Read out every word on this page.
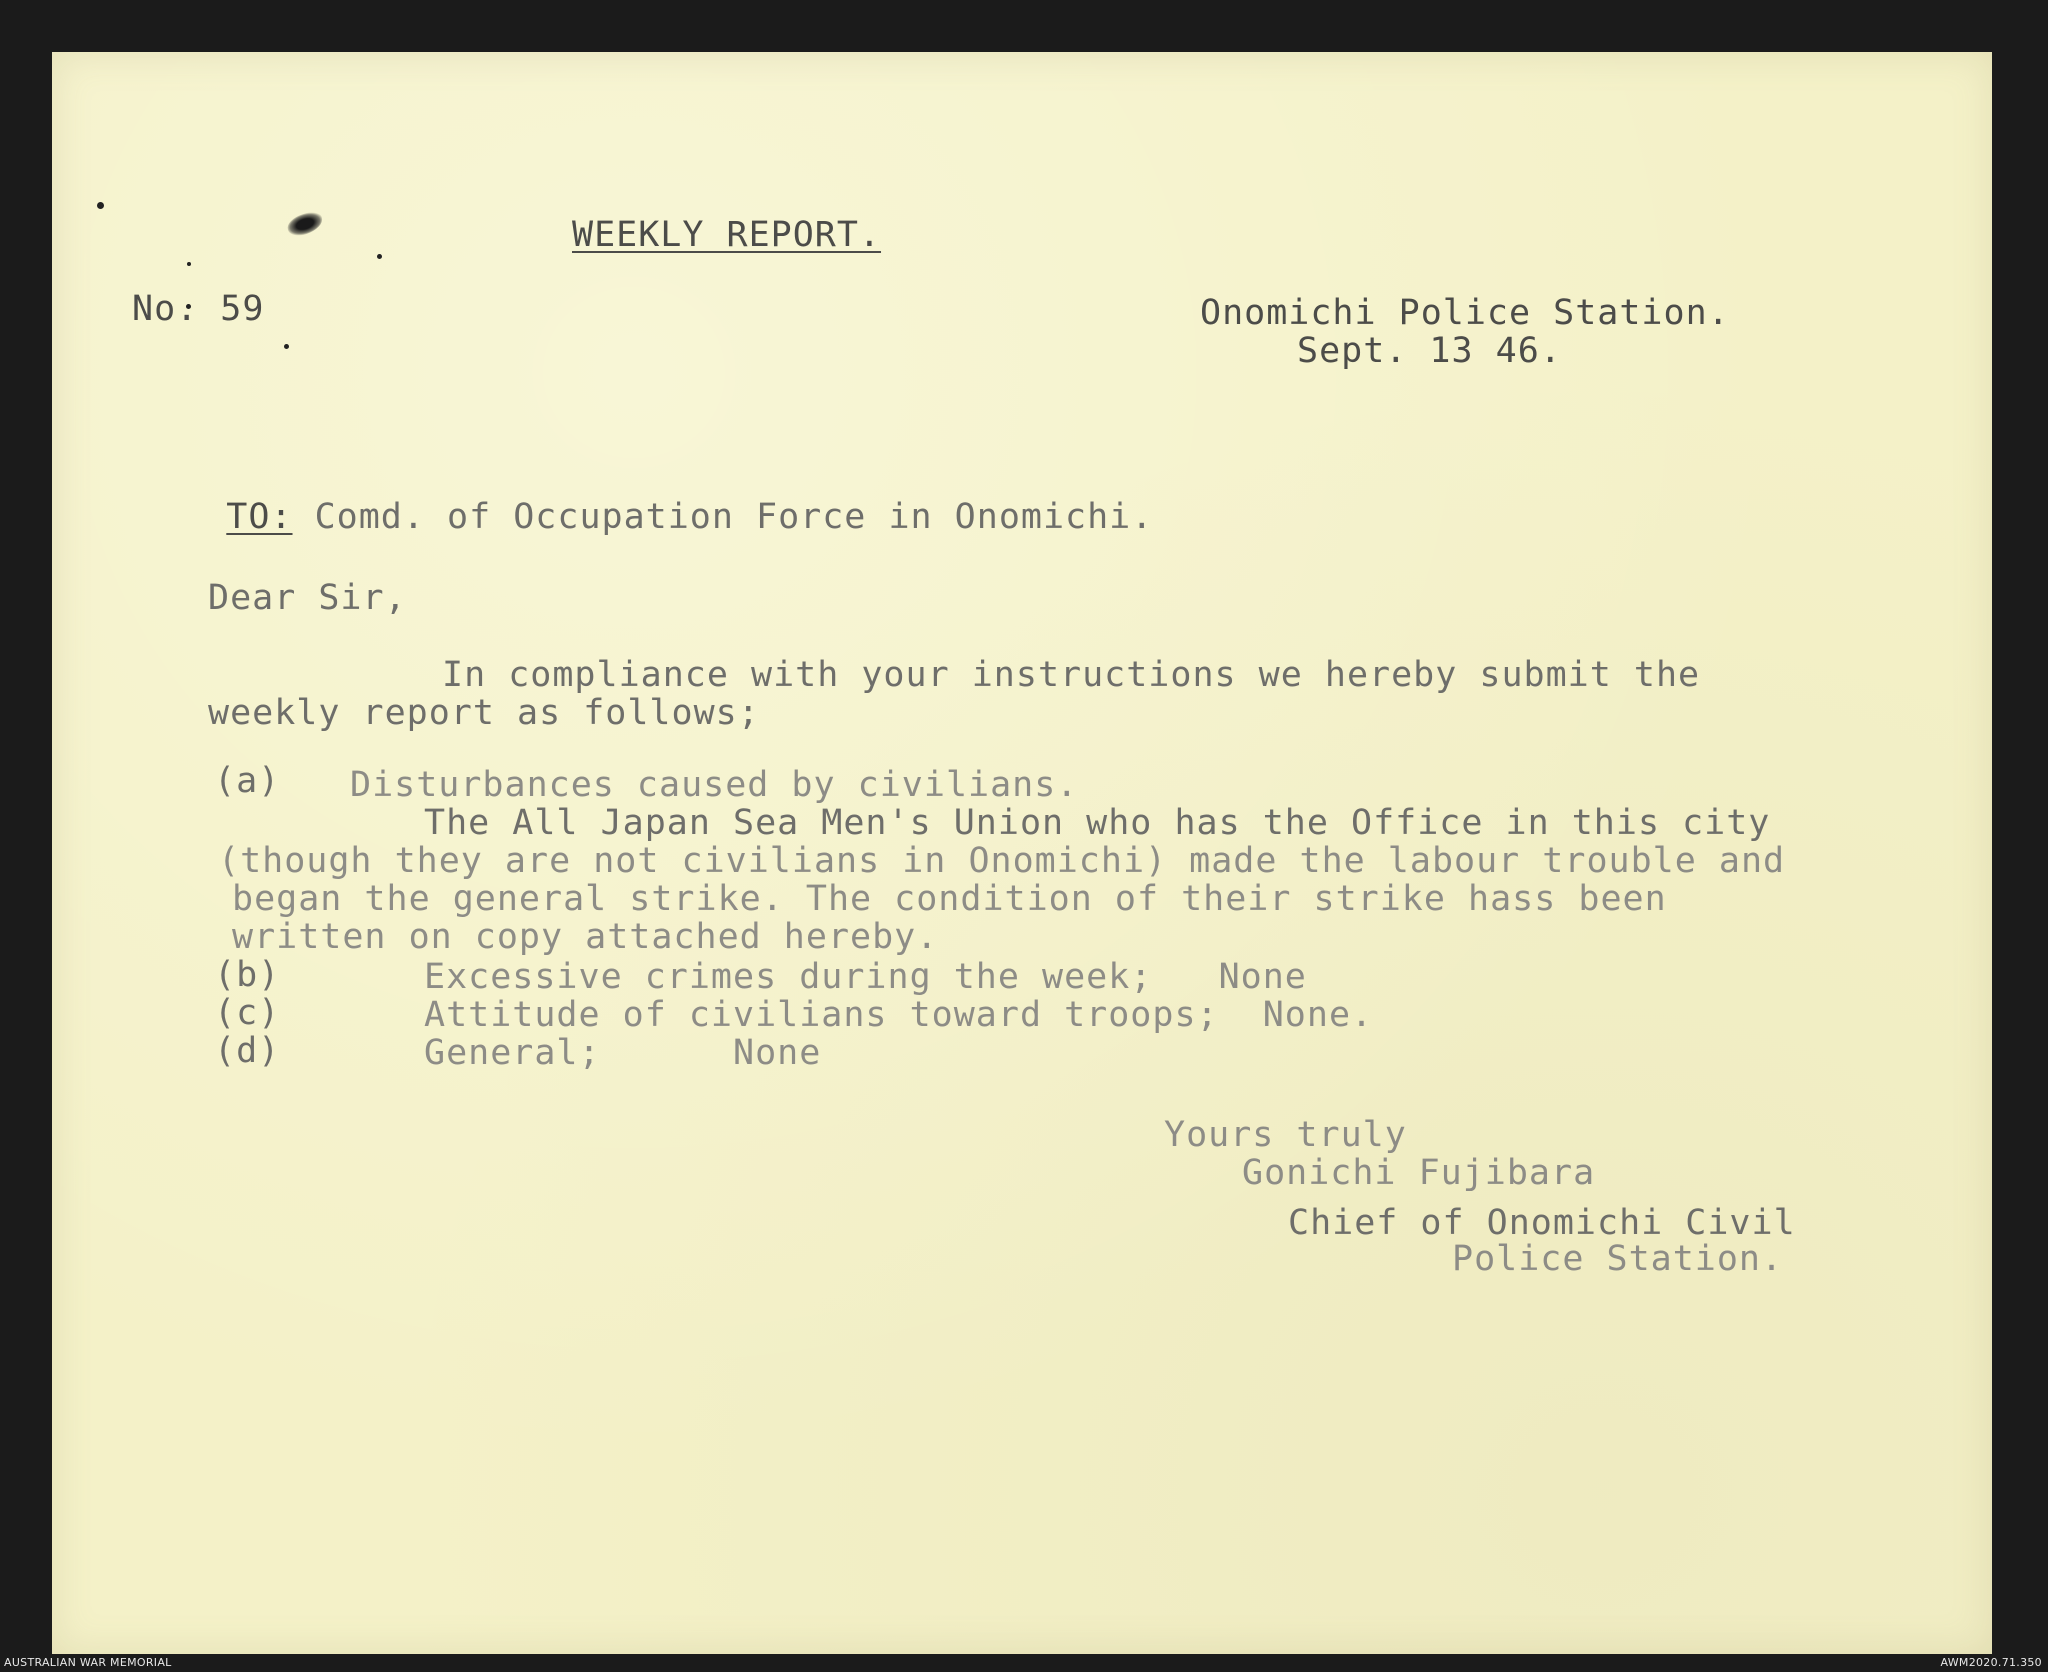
WEEKLY REPORT.
No. 59	Onomichi Police Station.
Sept. 13 46.

TO: Comd. of Occupation Force in Onomichi.

Dear Sir,
In compliance with your instructions we hereby submit the
weekly report as follows;
(a) Disturbances caused by civilians.
The All Japan Sea Men's Union who has the Office in this city
(though they are not civilians in Onomichi) made the labour trouble and
began the general strike. The condition of their strike hass been
written on copy attached hereby.
(b)	Excessive crimes during the week;   None
(c)	Attitude of civilians toward troops;  None.
(d)	General;      None
Yours truly
Gonichi Fujibara
Chief of Onomichi Civil
Police Station.
AUSTRALIAN WAR MEMORIAL	AWM2020.71.350
